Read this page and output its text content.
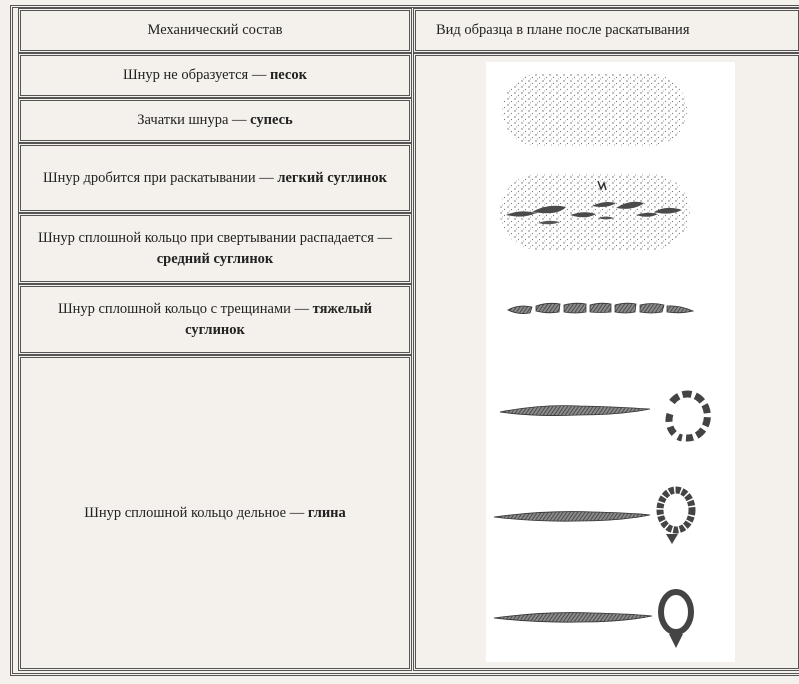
Механический состав	Вид образца в плане после раскатывания
Шнур не образуется — песок
Зачатки шнура — супесь
Шнур дробится при раскатывании — легкий суглинок
Шнур сплошной кольцо при свертывании распадается — средний суглинок
Шнур сплошной кольцо с трещинами — тяжелый суглинок
Шнур сплошной кольцо дельное — глина
